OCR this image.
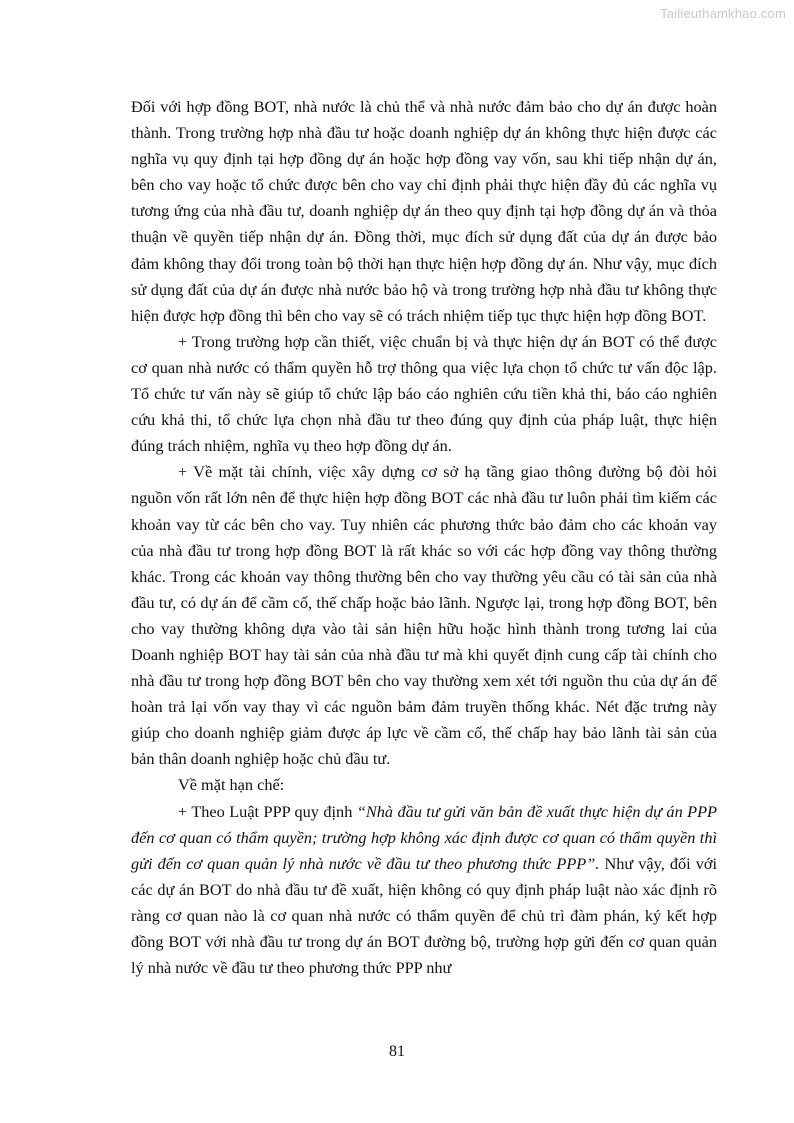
Tailieuthamkhao.com

Đối với hợp đồng BOT, nhà nước là chủ thể và nhà nước đảm bảo cho dự án được hoàn thành. Trong trường hợp nhà đầu tư hoặc doanh nghiệp dự án không thực hiện được các nghĩa vụ quy định tại hợp đồng dự án hoặc hợp đồng vay vốn, sau khi tiếp nhận dự án, bên cho vay hoặc tổ chức được bên cho vay chỉ định phải thực hiện đầy đủ các nghĩa vụ tương ứng của nhà đầu tư, doanh nghiệp dự án theo quy định tại hợp đồng dự án và thỏa thuận về quyền tiếp nhận dự án. Đồng thời, mục đích sử dụng đất của dự án được bảo đảm không thay đổi trong toàn bộ thời hạn thực hiện hợp đồng dự án. Như vậy, mục đích sử dụng đất của dự án được nhà nước bảo hộ và trong trường hợp nhà đầu tư không thực hiện được hợp đồng thì bên cho vay sẽ có trách nhiệm tiếp tục thực hiện hợp đồng BOT.

+ Trong trường hợp cần thiết, việc chuẩn bị và thực hiện dự án BOT có thể được cơ quan nhà nước có thẩm quyền hỗ trợ thông qua việc lựa chọn tổ chức tư vấn độc lập. Tổ chức tư vấn này sẽ giúp tổ chức lập báo cáo nghiên cứu tiền khả thi, báo cáo nghiên cứu khả thi, tổ chức lựa chọn nhà đầu tư theo đúng quy định của pháp luật, thực hiện đúng trách nhiệm, nghĩa vụ theo hợp đồng dự án.

+ Về mặt tài chính, việc xây dựng cơ sở hạ tầng giao thông đường bộ đòi hỏi nguồn vốn rất lớn nên để thực hiện hợp đồng BOT các nhà đầu tư luôn phải tìm kiếm các khoản vay từ các bên cho vay. Tuy nhiên các phương thức bảo đảm cho các khoản vay của nhà đầu tư trong hợp đồng BOT là rất khác so với các hợp đồng vay thông thường khác. Trong các khoản vay thông thường bên cho vay thường yêu cầu có tài sản của nhà đầu tư, có dự án để cầm cố, thế chấp hoặc bảo lãnh. Ngược lại, trong hợp đồng BOT, bên cho vay thường không dựa vào tài sản hiện hữu hoặc hình thành trong tương lai của Doanh nghiệp BOT hay tài sản của nhà đầu tư mà khi quyết định cung cấp tài chính cho nhà đầu tư trong hợp đồng BOT bên cho vay thường xem xét tới nguồn thu của dự án để hoàn trả lại vốn vay thay vì các nguồn bảm đảm truyền thống khác. Nét đặc trưng này giúp cho doanh nghiệp giảm được áp lực về cầm cố, thế chấp hay bảo lãnh tài sản của bản thân doanh nghiệp hoặc chủ đầu tư.

Về mặt hạn chế:

+ Theo Luật PPP quy định “Nhà đầu tư gửi văn bản đề xuất thực hiện dự án PPP đến cơ quan có thẩm quyền; trường hợp không xác định được cơ quan có thẩm quyền thì gửi đến cơ quan quản lý nhà nước về đầu tư theo phương thức PPP”. Như vậy, đối với các dự án BOT do nhà đầu tư đề xuất, hiện không có quy định pháp luật nào xác định rõ ràng cơ quan nào là cơ quan nhà nước có thẩm quyền để chủ trì đàm phán, ký kết hợp đồng BOT với nhà đầu tư trong dự án BOT đường bộ, trường hợp gửi đến cơ quan quản lý nhà nước về đầu tư theo phương thức PPP như

81
